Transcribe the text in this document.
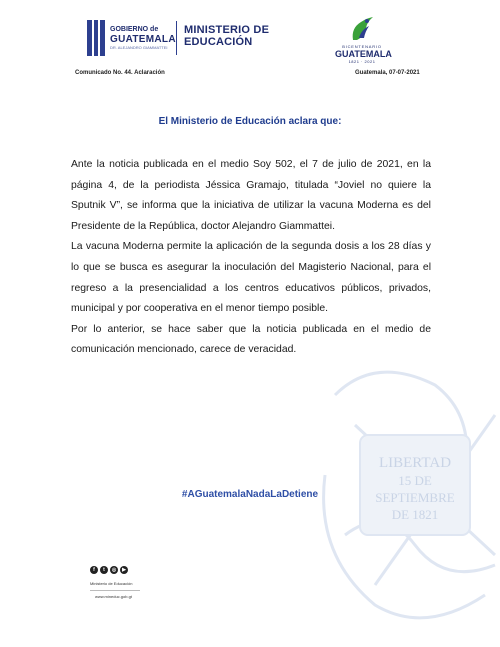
LIBERTAD
15 DE
SEPTIEMBRE
DE 1821
GOBIERNO de
GUATEMALA
DR. ALEJANDRO GIAMMATTEI
MINISTERIO DE
EDUCACIÓN	BICENTENARIO
GUATEMALA
1821 · 2021
Comunicado No. 44. Aclaración	Guatemala, 07-07-2021
El Ministerio de Educación aclara que:

Ante la noticia publicada en el medio Soy 502, el 7 de julio de 2021, en la página 4, de la periodista Jéssica Gramajo, titulada “Joviel no quiere la Sputnik V”, se informa que la iniciativa de utilizar la vacuna Moderna es del Presidente de la República, doctor Alejandro Giammattei.

La vacuna Moderna permite la aplicación de la segunda dosis a los 28 días y lo que se busca es asegurar la inoculación del Magisterio Nacional, para el regreso a la presencialidad a los centros educativos públicos, privados, municipal y por cooperativa en el menor tiempo posible.

Por lo anterior, se hace saber que la noticia publicada en el medio de comunicación mencionado, carece de veracidad.

#AGuatemalaNadaLaDetiene
f	t	◎	▶
Ministerio de Educación
www.mineduc.gob.gt
